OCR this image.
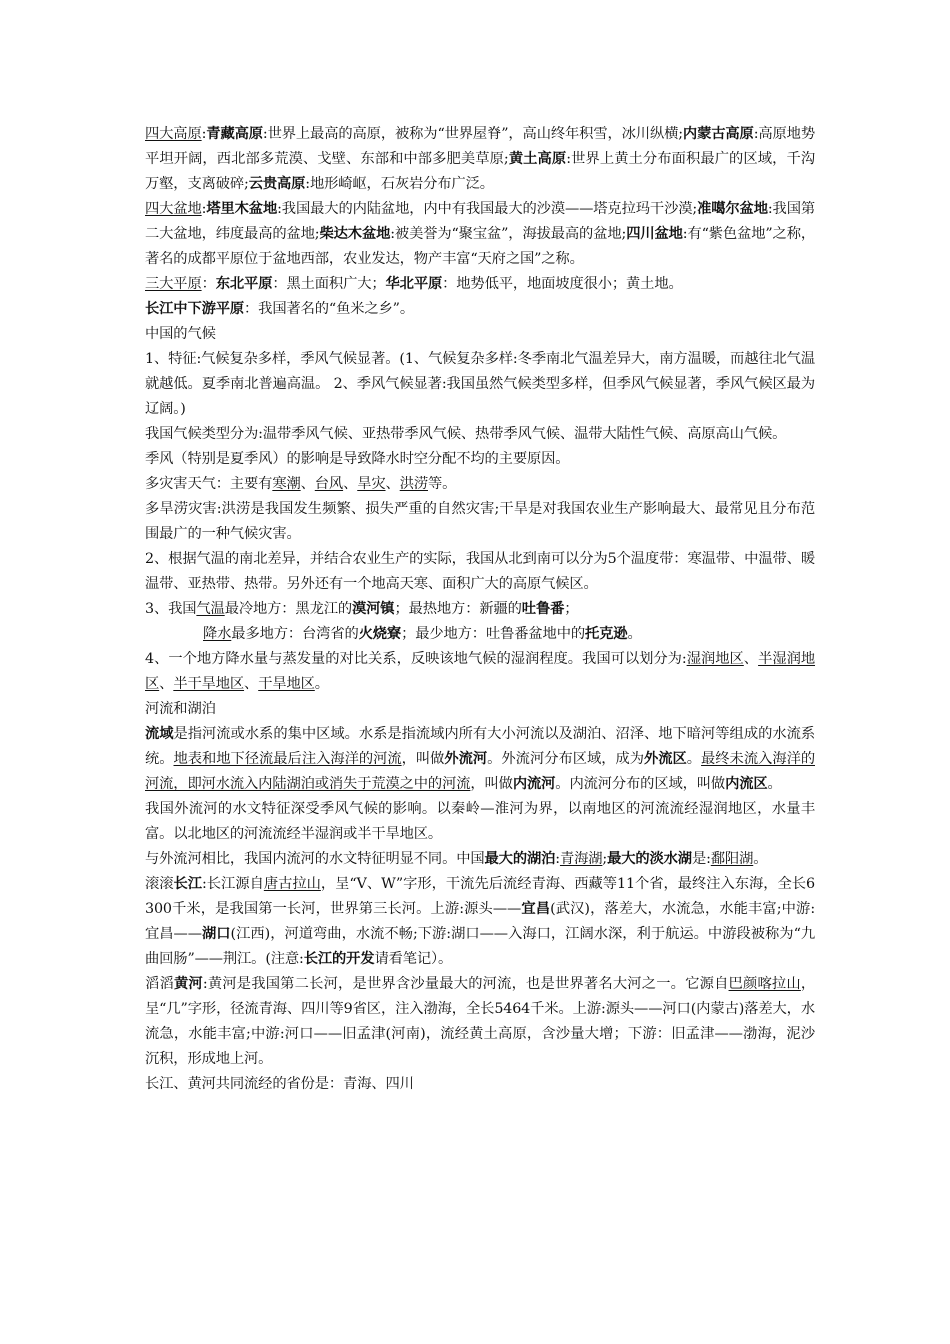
四大高原:青藏高原:世界上最高的高原，被称为“世界屋脊”，高山终年积雪，冰川纵横;内蒙古高原:高原地势平坦开阔，西北部多荒漠、戈壁、东部和中部多肥美草原;黄土高原:世界上黄土分布面积最广的区域，千沟万壑，支离破碎;云贵高原:地形崎岖，石灰岩分布广泛。

四大盆地:塔里木盆地:我国最大的内陆盆地，内中有我国最大的沙漠——塔克拉玛干沙漠;准噶尔盆地:我国第二大盆地，纬度最高的盆地;柴达木盆地:被美誉为“聚宝盆”，海拔最高的盆地;四川盆地:有“紫色盆地”之称，著名的成都平原位于盆地西部，农业发达，物产丰富“天府之国”之称。

三大平原：东北平原：黑土面积广大；华北平原：地势低平，地面坡度很小；黄土地。

长江中下游平原：我国著名的“鱼米之乡”。

中国的气候

1、特征:气候复杂多样，季风气候显著。(1、气候复杂多样:冬季南北气温差异大，南方温暖，而越往北气温就越低。夏季南北普遍高温。 2、季风气候显著:我国虽然气候类型多样，但季风气候显著，季风气候区最为辽阔。)

我国气候类型分为:温带季风气候、亚热带季风气候、热带季风气候、温带大陆性气候、高原高山气候。

季风（特别是夏季风）的影响是导致降水时空分配不均的主要原因。

多灾害天气：主要有寒潮、台风、旱灾、洪涝等。

多旱涝灾害:洪涝是我国发生频繁、损失严重的自然灾害;干旱是对我国农业生产影响最大、最常见且分布范围最广的一种气候灾害。

2、根据气温的南北差异，并结合农业生产的实际，我国从北到南可以分为5个温度带：寒温带、中温带、暖温带、亚热带、热带。另外还有一个地高天寒、面积广大的高原气候区。

3、我国气温最冷地方：黑龙江的漠河镇；最热地方：新疆的吐鲁番；

降水最多地方：台湾省的火烧寮；最少地方：吐鲁番盆地中的托克逊。

4、一个地方降水量与蒸发量的对比关系，反映该地气候的湿润程度。我国可以划分为:湿润地区、半湿润地区、半干旱地区、干旱地区。

河流和湖泊

流域是指河流或水系的集中区域。水系是指流域内所有大小河流以及湖泊、沼泽、地下暗河等组成的水流系统。地表和地下径流最后注入海洋的河流，叫做外流河。外流河分布区域，成为外流区。最终未流入海洋的河流，即河水流入内陆湖泊或消失于荒漠之中的河流，叫做内流河。内流河分布的区域，叫做内流区。

我国外流河的水文特征深受季风气候的影响。以秦岭—淮河为界，以南地区的河流流经湿润地区，水量丰富。以北地区的河流流经半湿润或半干旱地区。

与外流河相比，我国内流河的水文特征明显不同。中国最大的湖泊:青海湖;最大的淡水湖是:鄱阳湖。

滚滚长江:长江源自唐古拉山，呈“V、W”字形，干流先后流经青海、西藏等11个省，最终注入东海，全长6300千米，是我国第一长河，世界第三长河。上游:源头——宜昌(武汉)，落差大，水流急，水能丰富;中游:宜昌——湖口(江西)，河道弯曲，水流不畅;下游:湖口——入海口，江阔水深，利于航运。中游段被称为“九曲回肠”——荆江。(注意:长江的开发请看笔记）。

滔滔黄河:黄河是我国第二长河，是世界含沙量最大的河流，也是世界著名大河之一。它源自巴颜喀拉山，呈“几”字形，径流青海、四川等9省区，注入渤海，全长5464千米。上游:源头——河口(内蒙古)落差大，水流急，水能丰富;中游:河口——旧孟津(河南)，流经黄土高原，含沙量大增；下游：旧孟津——渤海，泥沙沉积，形成地上河。

长江、黄河共同流经的省份是：青海、四川
